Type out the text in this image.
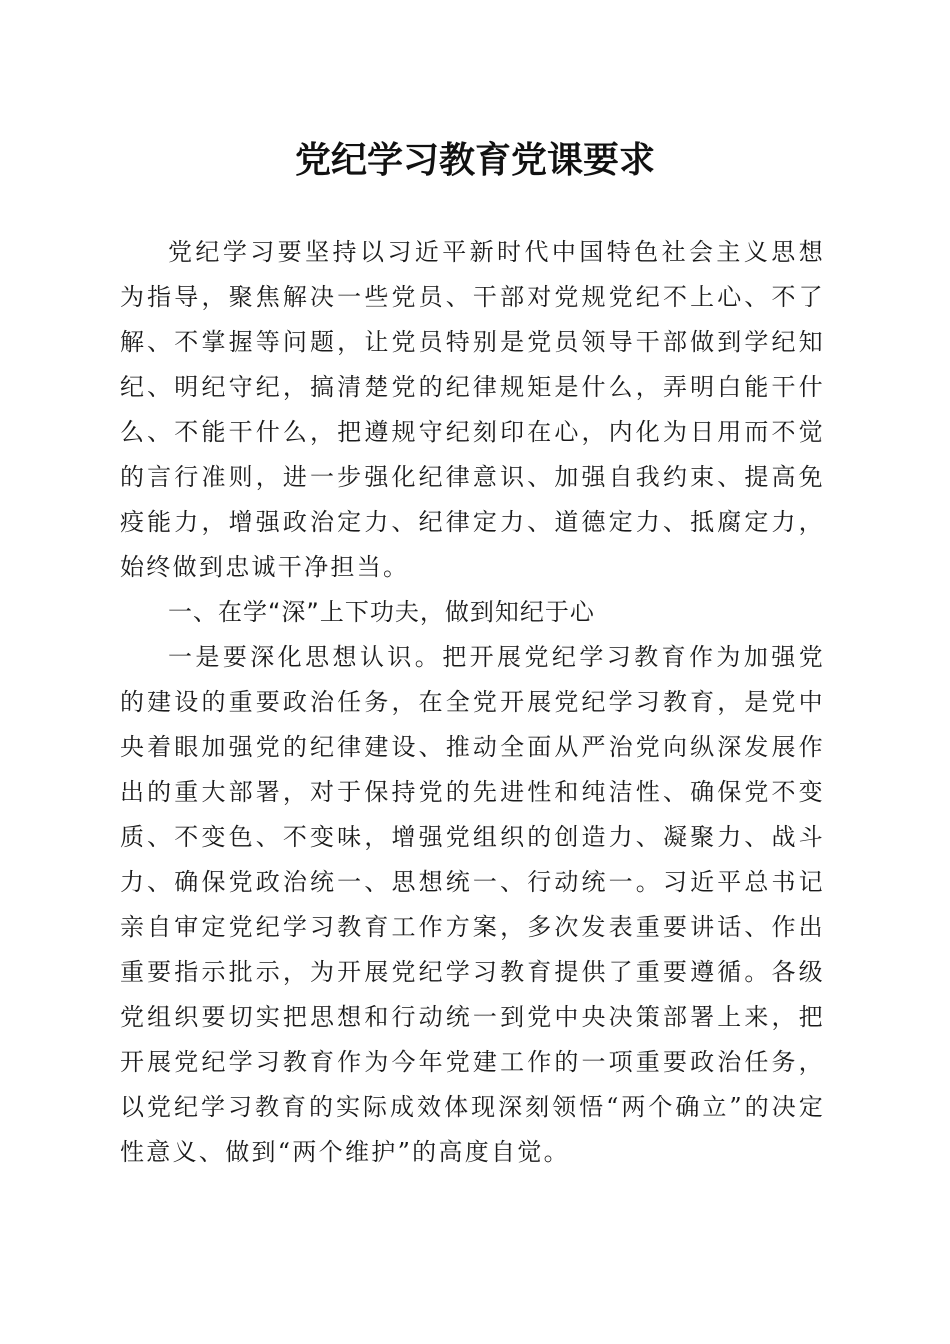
党纪学习教育党课要求

党纪学习要坚持以习近平新时代中国特色社会主义思想为指导，聚焦解决一些党员、干部对党规党纪不上心、不了解、不掌握等问题，让党员特别是党员领导干部做到学纪知纪、明纪守纪，搞清楚党的纪律规矩是什么，弄明白能干什么、不能干什么，把遵规守纪刻印在心，内化为日用而不觉的言行准则，进一步强化纪律意识、加强自我约束、提高免疫能力，增强政治定力、纪律定力、道德定力、抵腐定力，始终做到忠诚干净担当。

一、在学“深”上下功夫，做到知纪于心

一是要深化思想认识。把开展党纪学习教育作为加强党的建设的重要政治任务，在全党开展党纪学习教育，是党中央着眼加强党的纪律建设、推动全面从严治党向纵深发展作出的重大部署，对于保持党的先进性和纯洁性、确保党不变质、不变色、不变味，增强党组织的创造力、凝聚力、战斗力、确保党政治统一、思想统一、行动统一。习近平总书记亲自审定党纪学习教育工作方案，多次发表重要讲话、作出重要指示批示，为开展党纪学习教育提供了重要遵循。各级党组织要切实把思想和行动统一到党中央决策部署上来，把开展党纪学习教育作为今年党建工作的一项重要政治任务，以党纪学习教育的实际成效体现深刻领悟“两个确立”的决定性意义、做到“两个维护”的高度自觉。
